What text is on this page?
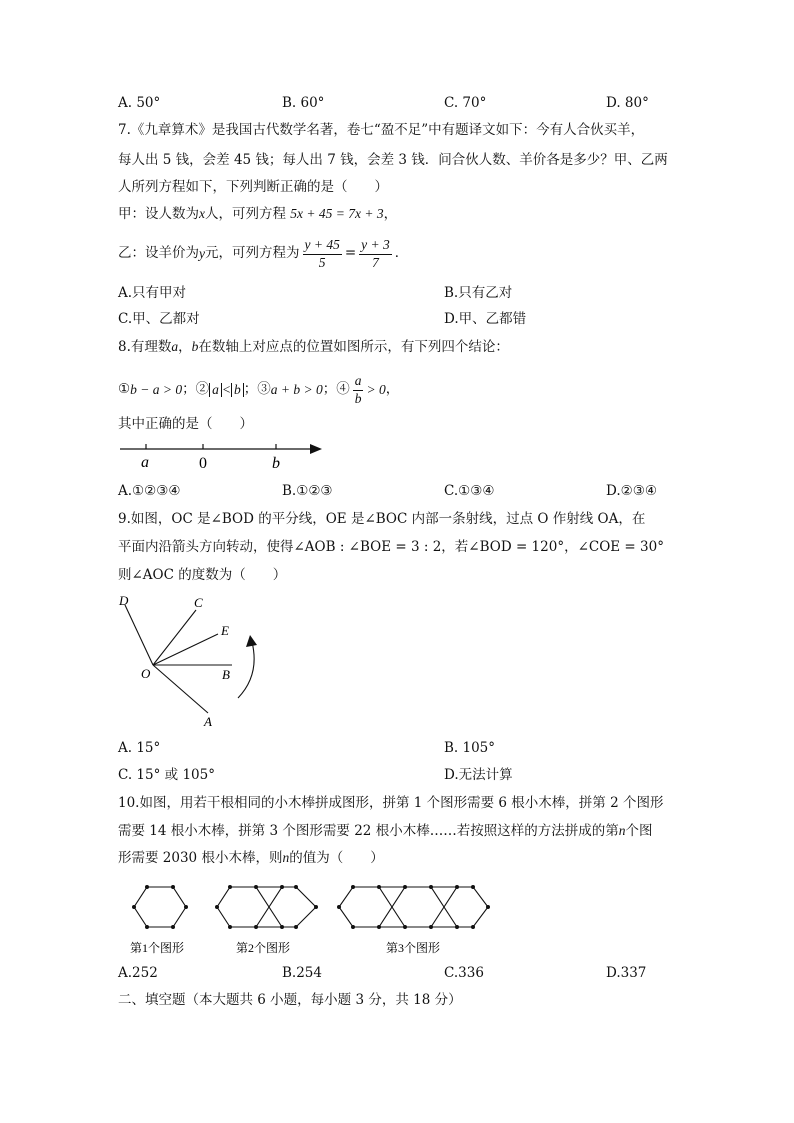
A. 50°	B. 60°	C. 70°	D. 80°
7.《九章算术》是我国古代数学名著，卷七“盈不足”中有题译文如下：今有人合伙买羊，
每人出 5 钱，会差 45 钱；每人出 7 钱，会差 3 钱．问合伙人数、羊价各是多少？甲、乙两
人所列方程如下，下列判断正确的是（　　）
甲：设人数为x人，可列方程 5x + 45 = 7x + 3，
乙：设羊价为 y 元，可列方程为 $\frac{y + 45}{5} = \frac{y + 3}{7}$ ．
A.只有甲对	B.只有乙对
C.甲、乙都对	D.甲、乙都错
8.有理数a，b在数轴上对应点的位置如图所示，有下列四个结论：
① b − a > 0 ；② a < b ；③ a + b > 0 ；④ $\frac{a}{b} > 0$ ，
其中正确的是（　　）
a	0	b
A.①②③④	B.①②③	C.①③④	D.②③④
9.如图，OC 是∠BOD 的平分线，OE 是∠BOC 内部一条射线，过点 O 作射线 OA，在
平面内沿箭头方向转动，使得∠AOB : ∠BOE = 3 : 2，若∠BOD = 120°，∠COE = 30°
则∠AOC 的度数为（　　）
D	C
E
O	B
A
A. 15°	B. 105°
C. 15° 或 105°	D.无法计算
10.如图，用若干根相同的小木棒拼成图形，拼第 1 个图形需要 6 根小木棒，拼第 2 个图形
需要 14 根小木棒，拼第 3 个图形需要 22 根小木棒……若按照这样的方法拼成的第n个图
形需要 2030 根小木棒，则n的值为（　　）
第1个图形	第2个图形	第3个图形
A.252	B.254	C.336	D.337
二、填空题（本大题共 6 小题，每小题 3 分，共 18 分）
